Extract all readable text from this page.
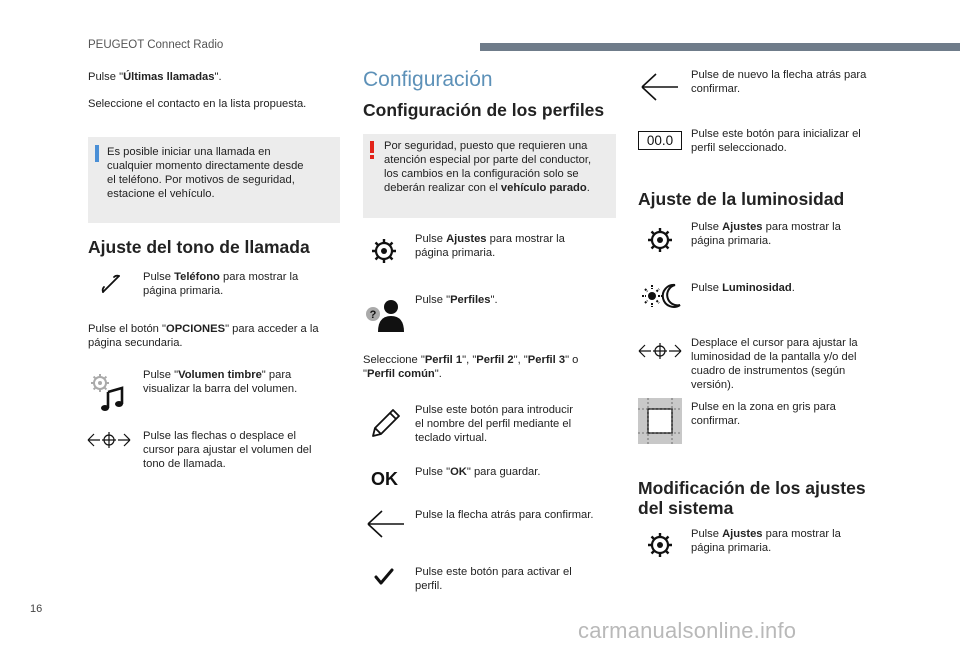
PEUGEOT Connect Radio
Pulse "Últimas llamadas".
Seleccione el contacto en la lista propuesta.
Es posible iniciar una llamada en
cualquier momento directamente desde
el teléfono. Por motivos de seguridad,
estacione el vehículo.
Ajuste del tono de llamada
Pulse Teléfono para mostrar la
página primaria.
Pulse el botón "OPCIONES" para acceder a la
página secundaria.
Pulse "Volumen timbre" para
visualizar la barra del volumen.
Pulse las flechas o desplace el
cursor para ajustar el volumen del
tono de llamada.
Configuración
Configuración de los perfiles
Por seguridad, puesto que requieren una
atención especial por parte del conductor,
los cambios en la configuración solo se
deberán realizar con el vehículo parado.
Pulse Ajustes para mostrar la
página primaria.
?
Pulse "Perfiles".
Seleccione "Perfil 1", "Perfil 2", "Perfil 3" o
"Perfil común".
Pulse este botón para introducir
el nombre del perfil mediante el
teclado virtual.
OK Pulse "OK" para guardar.
Pulse la flecha atrás para confirmar.
Pulse este botón para activar el
perfil.
Pulse de nuevo la flecha atrás para
confirmar.
00.0	Pulse este botón para inicializar el
perfil seleccionado.
Ajuste de la luminosidad
Pulse Ajustes para mostrar la
página primaria.
Pulse Luminosidad.
Desplace el cursor para ajustar la
luminosidad de la pantalla y/o del
cuadro de instrumentos (según
versión).
Pulse en la zona en gris para
confirmar.
Modificación de los ajustes
del sistema
Pulse Ajustes para mostrar la
página primaria.
16
carmanualsonline.info
